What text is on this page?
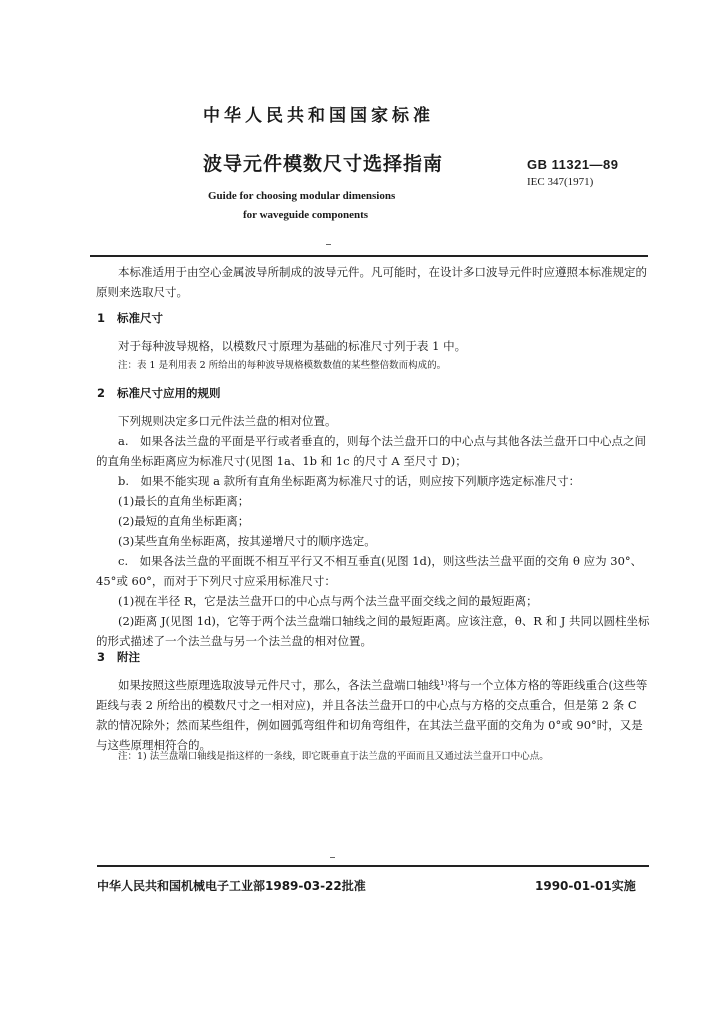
中华人民共和国国家标准
波导元件模数尺寸选择指南	GB 11321—89
IEC 347(1971)
Guide for choosing modular dimensions
for waveguide components
本标准适用于由空心金属波导所制成的波导元件。凡可能时，在设计多口波导元件时应遵照本标准规定的原则来选取尺寸。
1 标准尺寸
对于每种波导规格，以模数尺寸原理为基础的标准尺寸列于表 1 中。
注：表 1 是利用表 2 所给出的每种波导规格模数数值的某些整倍数而构成的。
2 标准尺寸应用的规则
下列规则决定多口元件法兰盘的相对位置。
a.　如果各法兰盘的平面是平行或者垂直的，则每个法兰盘开口的中心点与其他各法兰盘开口中心点之间的直角坐标距离应为标准尺寸(见图 1a、1b 和 1c 的尺寸 A 至尺寸 D)；
b.　如果不能实现 a 款所有直角坐标距离为标准尺寸的话，则应按下列顺序选定标准尺寸：
(1)最长的直角坐标距离；
(2)最短的直角坐标距离；
(3)某些直角坐标距离，按其递增尺寸的顺序选定。
c.　如果各法兰盘的平面既不相互平行又不相互垂直(见图 1d)，则这些法兰盘平面的交角 θ 应为 30°、45°或 60°，而对于下列尺寸应采用标准尺寸：
(1)视在半径 R，它是法兰盘开口的中心点与两个法兰盘平面交线之间的最短距离；
(2)距离 J(见图 1d)，它等于两个法兰盘端口轴线之间的最短距离。应该注意，θ、R 和 J 共同以圆柱坐标的形式描述了一个法兰盘与另一个法兰盘的相对位置。
3 附注
如果按照这些原理选取波导元件尺寸，那么，各法兰盘端口轴线¹⁾将与一个立体方格的等距线重合(这些等距线与表 2 所给出的模数尺寸之一相对应)，并且各法兰盘开口的中心点与方格的交点重合，但是第 2 条 C 款的情况除外；然而某些组件，例如圆弧弯组件和切角弯组件，在其法兰盘平面的交角为 0°或 90°时，又是与这些原理相符合的。
注：1) 法兰盘端口轴线是指这样的一条线，即它既垂直于法兰盘的平面而且又通过法兰盘开口中心点。
中华人民共和国机械电子工业部1989-03-22批准	1990-01-01实施
